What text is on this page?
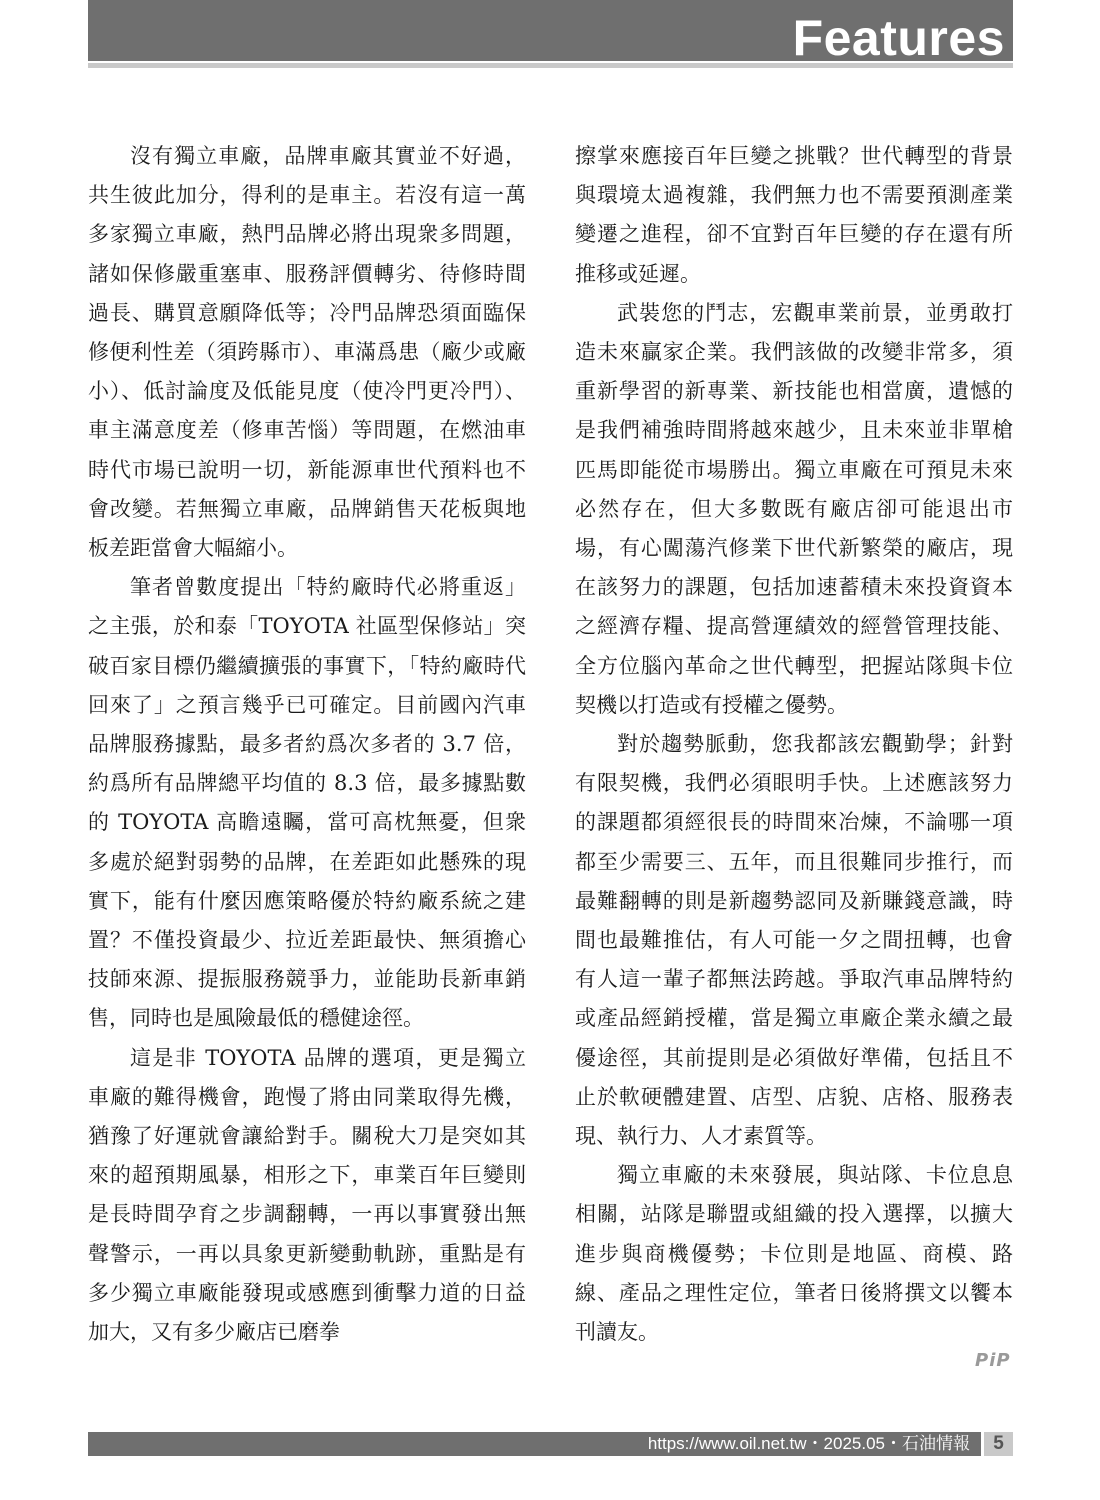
Features

沒有獨立車廠，品牌車廠其實並不好過，共生彼此加分，得利的是車主。若沒有這一萬多家獨立車廠，熱門品牌必將出現衆多問題，諸如保修嚴重塞車、服務評價轉劣、待修時間過長、購買意願降低等；冷門品牌恐須面臨保修便利性差（須跨縣市）、車滿爲患（廠少或廠小）、低討論度及低能見度（使冷門更冷門）、車主滿意度差（修車苦惱）等問題，在燃油車時代市場已說明一切，新能源車世代預料也不會改變。若無獨立車廠，品牌銷售天花板與地板差距當會大幅縮小。

筆者曾數度提出「特約廠時代必將重返」之主張，於和泰「TOYOTA 社區型保修站」突破百家目標仍繼續擴張的事實下，「特約廠時代回來了」之預言幾乎已可確定。目前國內汽車品牌服務據點，最多者約爲次多者的 3.7 倍，約爲所有品牌總平均值的 8.3 倍，最多據點數的 TOYOTA 高瞻遠矚，當可高枕無憂，但衆多處於絕對弱勢的品牌，在差距如此懸殊的現實下，能有什麼因應策略優於特約廠系統之建置？不僅投資最少、拉近差距最快、無須擔心技師來源、提振服務競爭力，並能助長新車銷售，同時也是風險最低的穩健途徑。

這是非 TOYOTA 品牌的選項，更是獨立車廠的難得機會，跑慢了將由同業取得先機，猶豫了好運就會讓給對手。關稅大刀是突如其來的超預期風暴，相形之下，車業百年巨變則是長時間孕育之步調翻轉，一再以事實發出無聲警示，一再以具象更新變動軌跡，重點是有多少獨立車廠能發現或感應到衝擊力道的日益加大，又有多少廠店已磨拳

擦掌來應接百年巨變之挑戰？世代轉型的背景與環境太過複雜，我們無力也不需要預測產業變遷之進程，卻不宜對百年巨變的存在還有所推移或延遲。

武裝您的鬥志，宏觀車業前景，並勇敢打造未來贏家企業。我們該做的改變非常多，須重新學習的新專業、新技能也相當廣，遺憾的是我們補強時間將越來越少，且未來並非單槍匹馬即能從市場勝出。獨立車廠在可預見未來必然存在，但大多數既有廠店卻可能退出市場，有心闖蕩汽修業下世代新繁榮的廠店，現在該努力的課題，包括加速蓄積未來投資資本之經濟存糧、提高營運績效的經營管理技能、全方位腦內革命之世代轉型，把握站隊與卡位契機以打造或有授權之優勢。

對於趨勢脈動，您我都該宏觀勤學；針對有限契機，我們必須眼明手快。上述應該努力的課題都須經很長的時間來冶煉，不論哪一項都至少需要三、五年，而且很難同步推行，而最難翻轉的則是新趨勢認同及新賺錢意識，時間也最難推估，有人可能一夕之間扭轉，也會有人這一輩子都無法跨越。爭取汽車品牌特約或產品經銷授權，當是獨立車廠企業永續之最優途徑，其前提則是必須做好準備，包括且不止於軟硬體建置、店型、店貌、店格、服務表現、執行力、人才素質等。

獨立車廠的未來發展，與站隊、卡位息息相關，站隊是聯盟或組織的投入選擇，以擴大進步與商機優勢；卡位則是地區、商模、路線、產品之理性定位，筆者日後將撰文以饗本刊讀友。

PiP
https://www.oil.net.tw・2025.05・石油情報	5
